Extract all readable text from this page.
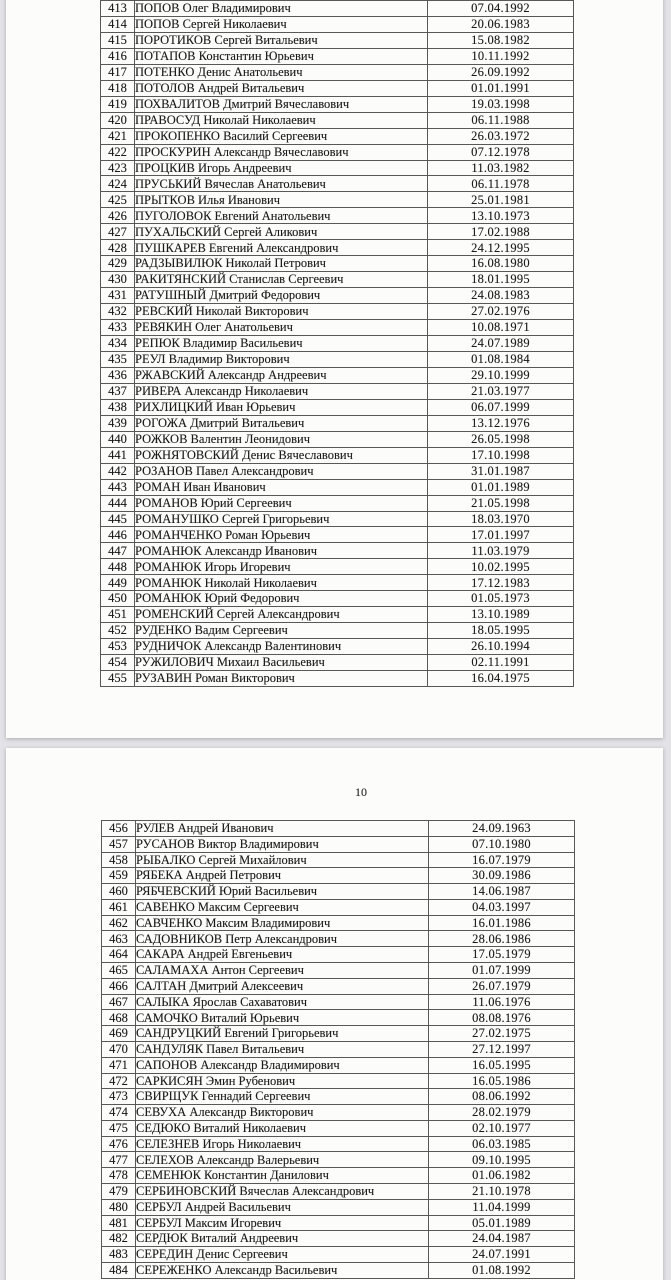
413	ПОПОВ Олег Владимирович	07.04.1992
414	ПОПОВ Сергей Николаевич	20.06.1983
415	ПОРОТИКОВ Сергей Витальевич	15.08.1982
416	ПОТАПОВ Константин Юрьевич	10.11.1992
417	ПОТЕНКО Денис Анатольевич	26.09.1992
418	ПОТОЛОВ Андрей Витальевич	01.01.1991
419	ПОХВАЛИТОВ Дмитрий Вячеславович	19.03.1998
420	ПРАВОСУД Николай Николаевич	06.11.1988
421	ПРОКОПЕНКО Василий Сергеевич	26.03.1972
422	ПРОСКУРИН Александр Вячеславович	07.12.1978
423	ПРОЦКИВ Игорь Андреевич	11.03.1982
424	ПРУСЬКИЙ Вячеслав Анатольевич	06.11.1978
425	ПРЫТКОВ Илья Иванович	25.01.1981
426	ПУГОЛОВОК Евгений Анатольевич	13.10.1973
427	ПУХАЛЬСКИЙ Сергей Аликович	17.02.1988
428	ПУШКАРЕВ Евгений Александрович	24.12.1995
429	РАДЗЫВИЛЮК Николай Петрович	16.08.1980
430	РАКИТЯНСКИЙ Станислав Сергеевич	18.01.1995
431	РАТУШНЫЙ Дмитрий Федорович	24.08.1983
432	РЕВСКИЙ Николай Викторович	27.02.1976
433	РЕВЯКИН Олег Анатольевич	10.08.1971
434	РЕПЮК Владимир Васильевич	24.07.1989
435	РЕУЛ Владимир Викторович	01.08.1984
436	РЖАВСКИЙ Александр Андреевич	29.10.1999
437	РИВЕРА Александр Николаевич	21.03.1977
438	РИХЛИЦКИЙ Иван Юрьевич	06.07.1999
439	РОГОЖА Дмитрий Витальевич	13.12.1976
440	РОЖКОВ Валентин Леонидович	26.05.1998
441	РОЖНЯТОВСКИЙ Денис Вячеславович	17.10.1998
442	РОЗАНОВ Павел Александрович	31.01.1987
443	РОМАН Иван Иванович	01.01.1989
444	РОМАНОВ Юрий Сергеевич	21.05.1998
445	РОМАНУШКО Сергей Григорьевич	18.03.1970
446	РОМАНЧЕНКО Роман Юрьевич	17.01.1997
447	РОМАНЮК Александр Иванович	11.03.1979
448	РОМАНЮК Игорь Игоревич	10.02.1995
449	РОМАНЮК Николай Николаевич	17.12.1983
450	РОМАНЮК Юрий Федорович	01.05.1973
451	РОМЕНСКИЙ Сергей Александрович	13.10.1989
452	РУДЕНКО Вадим Сергеевич	18.05.1995
453	РУДНИЧОК Александр Валентинович	26.10.1994
454	РУЖИЛОВИЧ Михаил Васильевич	02.11.1991
455	РУЗАВИН Роман Викторович	16.04.1975
10
456	РУЛЕВ Андрей Иванович	24.09.1963
457	РУСАНОВ Виктор Владимирович	07.10.1980
458	РЫБАЛКО Сергей Михайлович	16.07.1979
459	РЯБЕКА Андрей Петрович	30.09.1986
460	РЯБЧЕВСКИЙ Юрий Васильевич	14.06.1987
461	САВЕНКО Максим Сергеевич	04.03.1997
462	САВЧЕНКО Максим Владимирович	16.01.1986
463	САДОВНИКОВ Петр Александрович	28.06.1986
464	САКАРА Андрей Евгеньевич	17.05.1979
465	САЛАМАХА Антон Сергеевич	01.07.1999
466	САЛТАН Дмитрий Алексеевич	26.07.1979
467	САЛЫКА Ярослав Сахаватович	11.06.1976
468	САМОЧКО Виталий Юрьевич	08.08.1976
469	САНДРУЦКИЙ Евгений Григорьевич	27.02.1975
470	САНДУЛЯК Павел Витальевич	27.12.1997
471	САПОНОВ Александр Владимирович	16.05.1995
472	САРКИСЯН Эмин Рубенович	16.05.1986
473	СВИРЩУК Геннадий Сергеевич	08.06.1992
474	СЕВУХА Александр Викторович	28.02.1979
475	СЕДЮКО Виталий Николаевич	02.10.1977
476	СЕЛЕЗНЕВ Игорь Николаевич	06.03.1985
477	СЕЛЕХОВ Александр Валерьевич	09.10.1995
478	СЕМЕНЮК Константин Данилович	01.06.1982
479	СЕРБИНОВСКИЙ Вячеслав Александрович	21.10.1978
480	СЕРБУЛ Андрей Васильевич	11.04.1999
481	СЕРБУЛ Максим Игоревич	05.01.1989
482	СЕРДЮК Виталий Андреевич	24.04.1987
483	СЕРЕДИН Денис Сергеевич	24.07.1991
484	СЕРЕЖЕНКО Александр Васильевич	01.08.1992
